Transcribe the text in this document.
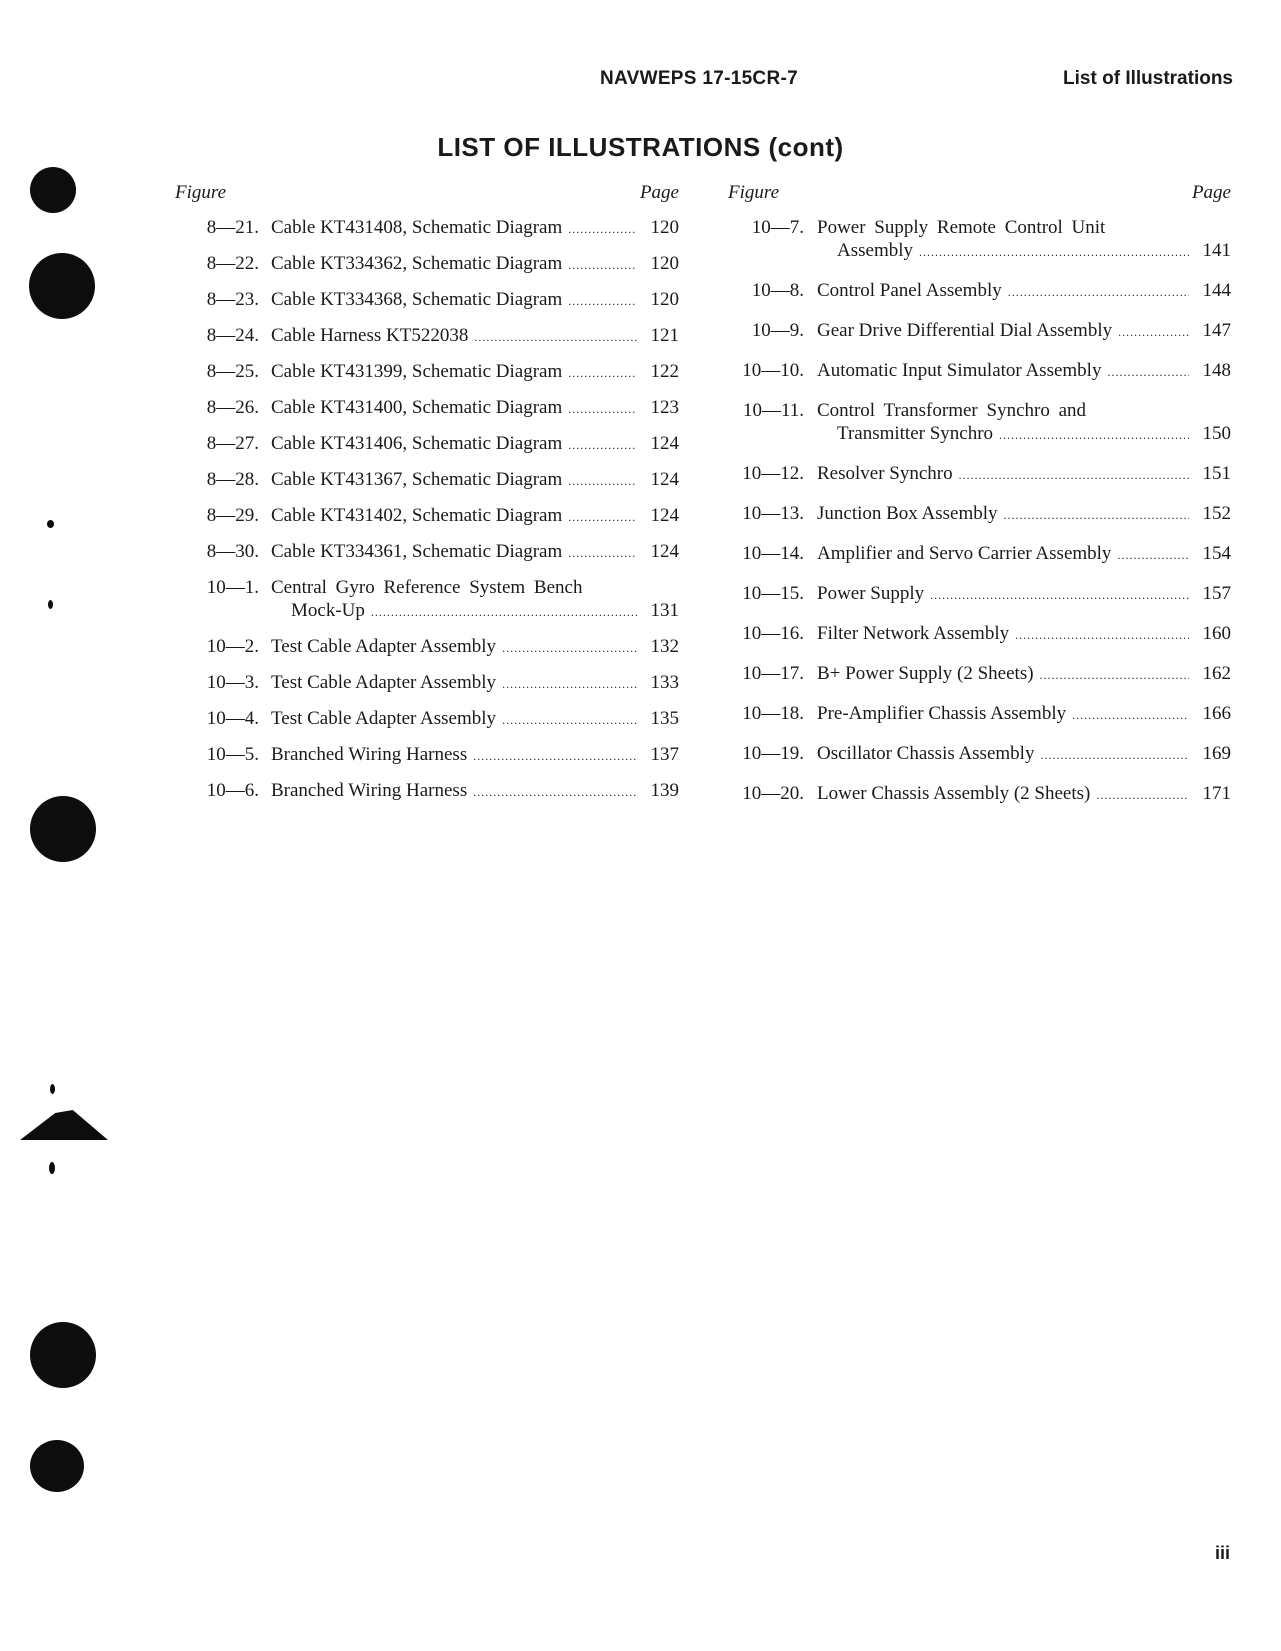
NAVWEPS 17-15CR-7	List of Illustrations
LIST OF ILLUSTRATIONS (cont)
Figure	Page
8—21. Cable KT431408, Schematic Diagram .....	120
8—22. Cable KT334362, Schematic Diagram .....	120
8—23. Cable KT334368, Schematic Diagram .....	120
8—24. Cable Harness KT522038 .....	121
8—25. Cable KT431399, Schematic Diagram .....	122
8—26. Cable KT431400, Schematic Diagram .....	123
8—27. Cable KT431406, Schematic Diagram .....	124
8—28. Cable KT431367, Schematic Diagram .....	124
8—29. Cable KT431402, Schematic Diagram .....	124
8—30. Cable KT334361, Schematic Diagram .....	124
10—1. Central Gyro Reference System Bench
Mock-Up .....	131
10—2. Test Cable Adapter Assembly .....	132
10—3. Test Cable Adapter Assembly .....	133
10—4. Test Cable Adapter Assembly .....	135
10—5. Branched Wiring Harness .....	137
10—6. Branched Wiring Harness .....	139
Figure	Page
10—7. Power Supply Remote Control Unit
Assembly .....	141
10—8. Control Panel Assembly .....	144
10—9. Gear Drive Differential Dial Assembly .....	147
10—10. Automatic Input Simulator Assembly .....	148
10—11. Control Transformer Synchro and
Transmitter Synchro .....	150
10—12. Resolver Synchro .....	151
10—13. Junction Box Assembly .....	152
10—14. Amplifier and Servo Carrier Assembly .....	154
10—15. Power Supply .....	157
10—16. Filter Network Assembly .....	160
10—17. B+ Power Supply (2 Sheets) .....	162
10—18. Pre-Amplifier Chassis Assembly .....	166
10—19. Oscillator Chassis Assembly .....	169
10—20. Lower Chassis Assembly (2 Sheets) .....	171
iii
